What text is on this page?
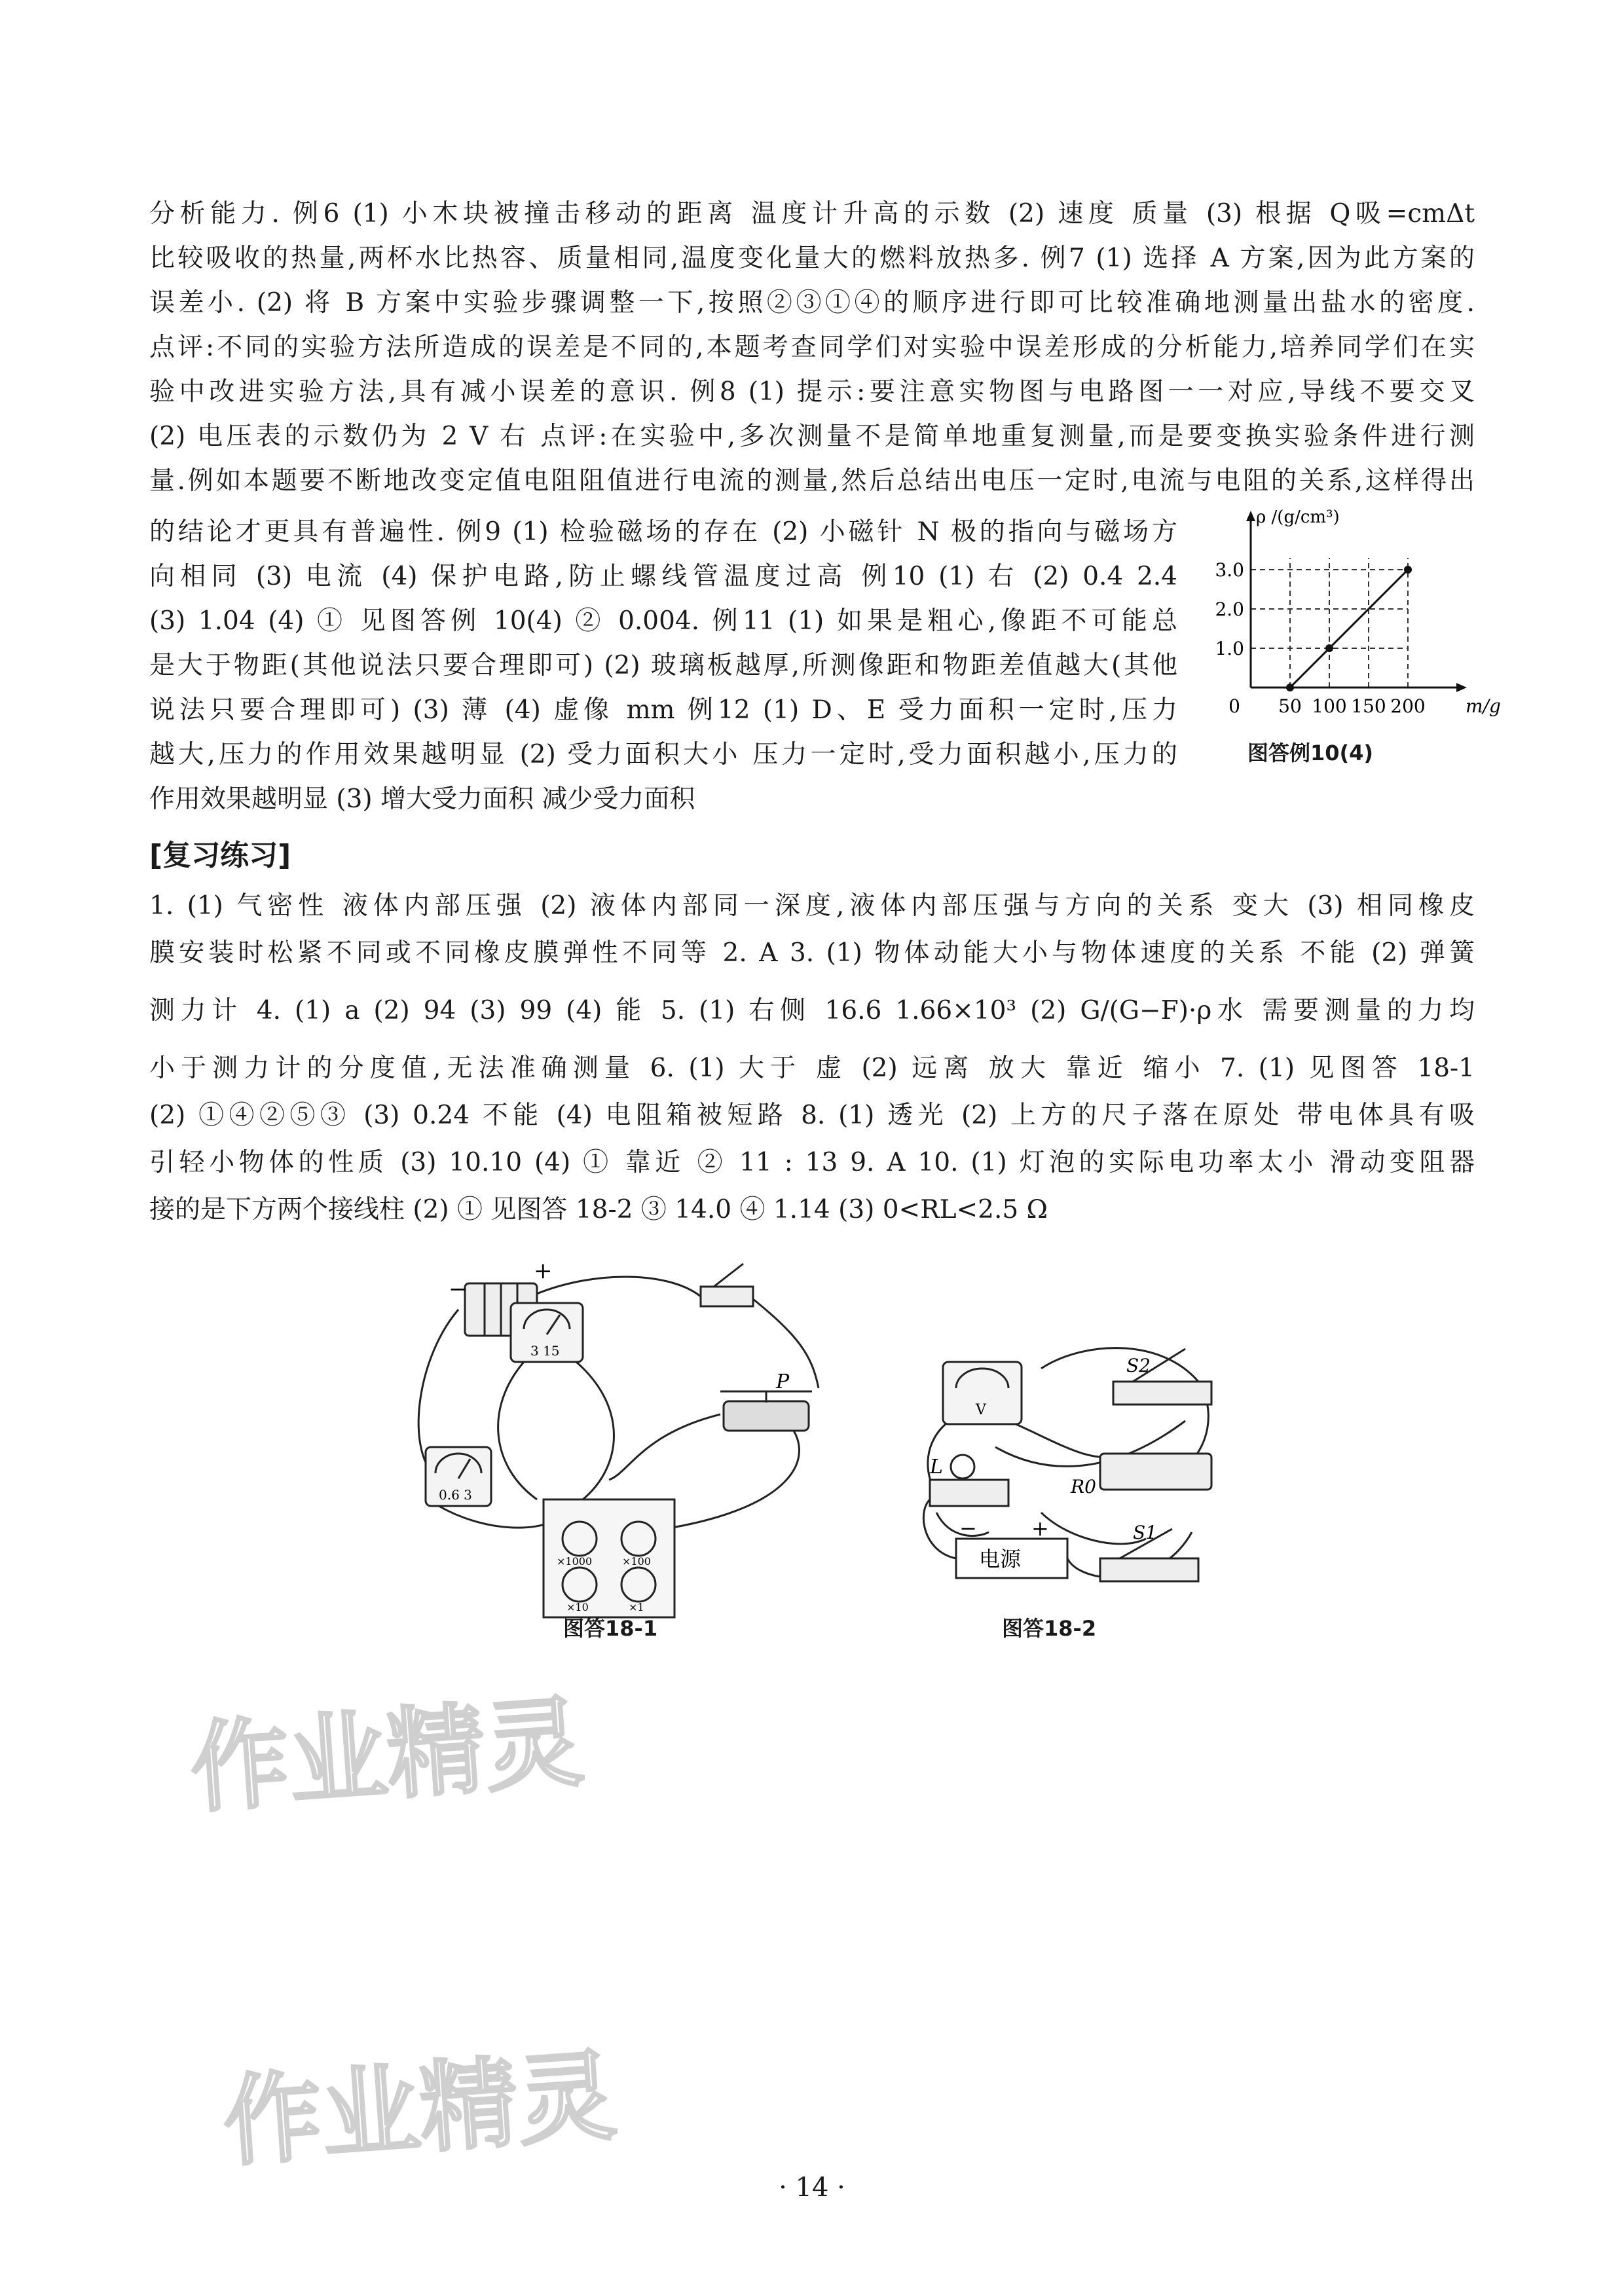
分析能力. 例6 (1) 小木块被撞击移动的距离 温度计升高的示数 (2) 速度 质量 (3) 根据 Q吸=cmΔt
比较吸收的热量,两杯水比热容、质量相同,温度变化量大的燃料放热多. 例7 (1) 选择 A 方案,因为此方案的
误差小. (2) 将 B 方案中实验步骤调整一下,按照②③①④的顺序进行即可比较准确地测量出盐水的密度.
点评:不同的实验方法所造成的误差是不同的,本题考查同学们对实验中误差形成的分析能力,培养同学们在实
验中改进实验方法,具有减小误差的意识. 例8 (1) 提示:要注意实物图与电路图一一对应,导线不要交叉
(2) 电压表的示数仍为 2 V 右 点评:在实验中,多次测量不是简单地重复测量,而是要变换实验条件进行测
量.例如本题要不断地改变定值电阻阻值进行电流的测量,然后总结出电压一定时,电流与电阻的关系,这样得出
的结论才更具有普遍性. 例9 (1) 检验磁场的存在 (2) 小磁针 N 极的指向与磁场方
向相同 (3) 电流 (4) 保护电路,防止螺线管温度过高 例10 (1) 右 (2) 0.4 2.4
(3) 1.04 (4) ① 见图答例 10(4) ② 0.004. 例11 (1) 如果是粗心,像距不可能总
是大于物距(其他说法只要合理即可) (2) 玻璃板越厚,所测像距和物距差值越大(其他
说法只要合理即可) (3) 薄 (4) 虚像 mm 例12 (1) D、E 受力面积一定时,压力
越大,压力的作用效果越明显 (2) 受力面积大小 压力一定时,受力面积越小,压力的
作用效果越明显 (3) 增大受力面积 减少受力面积
0 50 100 150 200
1.0
2.0
3.0
m/g
ρ /(g/cm³)
图答例10(4)
[复习练习]
1. (1) 气密性 液体内部压强 (2) 液体内部同一深度,液体内部压强与方向的关系 变大 (3) 相同橡皮
膜安装时松紧不同或不同橡皮膜弹性不同等 2. A 3. (1) 物体动能大小与物体速度的关系 不能 (2) 弹簧
测力计 4. (1) a (2) 94 (3) 99 (4) 能 5. (1) 右侧 16.6 1.66×10³ (2) G/(G−F)·ρ水 需要测量的力均
小于测力计的分度值,无法准确测量 6. (1) 大于 虚 (2) 远离 放大 靠近 缩小 7. (1) 见图答 18-1
(2) ①④②⑤③ (3) 0.24 不能 (4) 电阻箱被短路 8. (1) 透光 (2) 上方的尺子落在原处 带电体具有吸
引轻小物体的性质 (3) 10.10 (4) ① 靠近 ② 11 : 13 9. A 10. (1) 灯泡的实际电功率太小 滑动变阻器
接的是下方两个接线柱 (2) ① 见图答 18-2 ③ 14.0 ④ 1.14 (3) 0<RL<2.5 Ω
−
+
3 15
0.6 3
P
×1000	×100
×10	×1
图答18-1
L
R0
S2
S1
电源
−	+
V
图答18-2
作业精灵
作业精灵
· 14 ·
